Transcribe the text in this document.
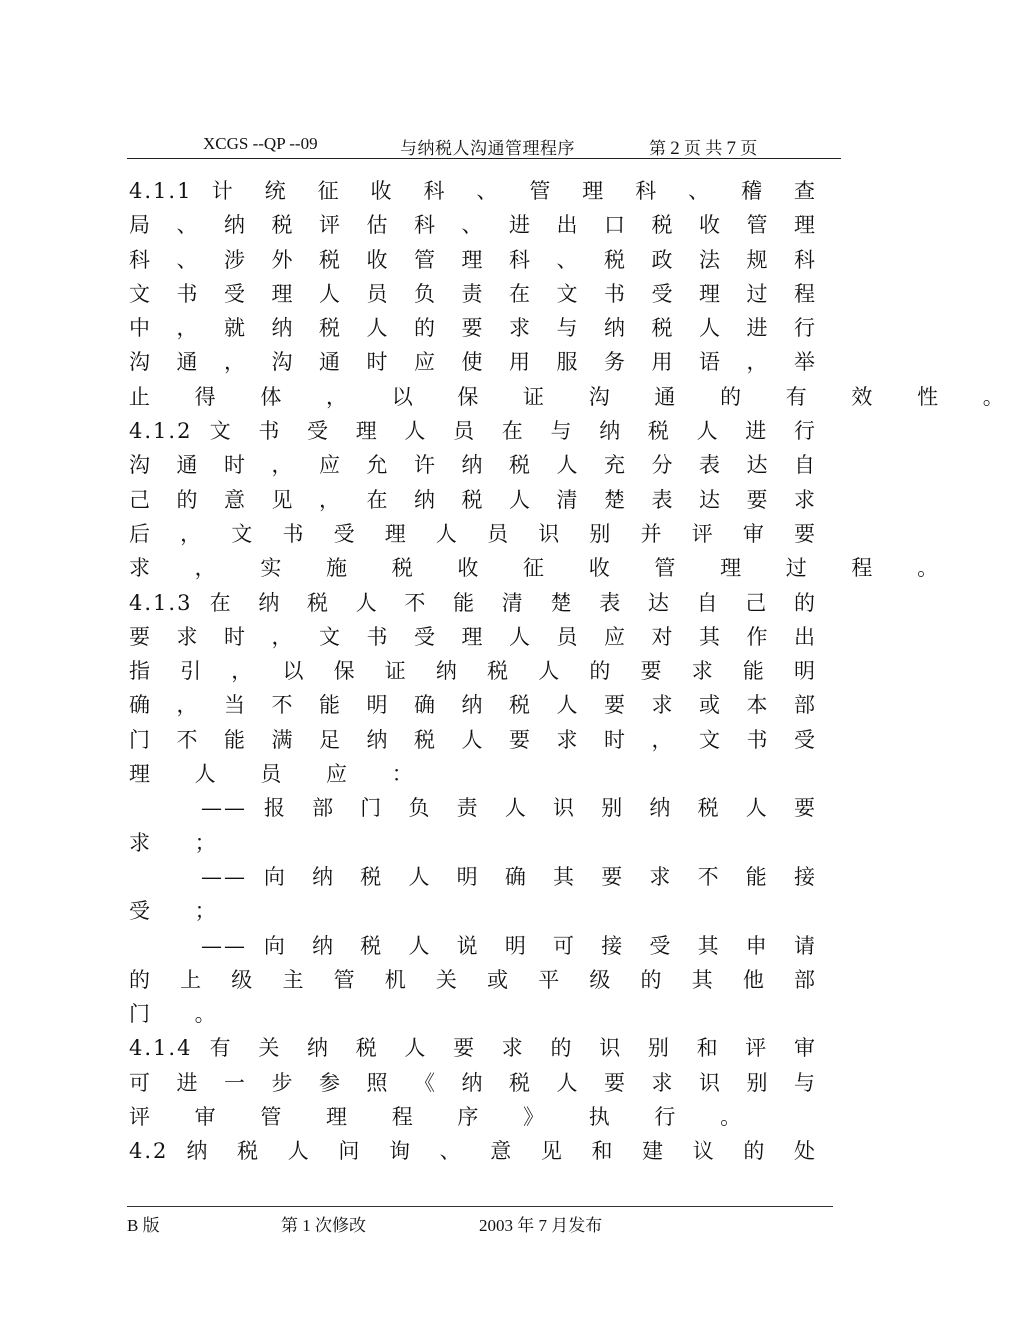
XCGS --QP --09	与纳税人沟通管理程序	第 2 页 共 7 页

4.1.1 计 统 征 收 科 、 管 理 科 、 稽 查

局 、 纳 税 评 估 科 、 进 出 口 税 收 管 理

科 、 涉 外 税 收 管 理 科 、 税 政 法 规 科

文 书 受 理 人 员 负 责 在 文 书 受 理 过 程

中 ， 就 纳 税 人 的 要 求 与 纳 税 人 进 行

沟 通 ， 沟 通 时 应 使 用 服 务 用 语 ， 举

止 得 体 ， 以 保 证 沟 通 的 有 效 性 。

4.1.2 文 书 受 理 人 员 在 与 纳 税 人 进 行

沟 通 时 ， 应 允 许 纳 税 人 充 分 表 达 自

己 的 意 见 ， 在 纳 税 人 清 楚 表 达 要 求

后 ， 文 书 受 理 人 员 识 别 并 评 审 要

求 ， 实 施 税 收 征 收 管 理 过 程 。

4.1.3 在 纳 税 人 不 能 清 楚 表 达 自 己 的

要 求 时 ， 文 书 受 理 人 员 应 对 其 作 出

指 引 ， 以 保 证 纳 税 人 的 要 求 能 明

确 ， 当 不 能 明 确 纳 税 人 要 求 或 本 部

门 不 能 满 足 纳 税 人 要 求 时 ， 文 书 受

理 人 员 应 ：

—— 报 部 门 负 责 人 识 别 纳 税 人 要

求 ；

—— 向 纳 税 人 明 确 其 要 求 不 能 接

受 ；

—— 向 纳 税 人 说 明 可 接 受 其 申 请

的 上 级 主 管 机 关 或 平 级 的 其 他 部

门 。

4.1.4 有 关 纳 税 人 要 求 的 识 别 和 评 审

可 进 一 步 参 照 《 纳 税 人 要 求 识 别 与

评 审 管 理 程 序 》 执 行 。

4.2 纳 税 人 问 询 、 意 见 和 建 议 的 处

B 版	第 1 次修改	2003 年 7 月发布
